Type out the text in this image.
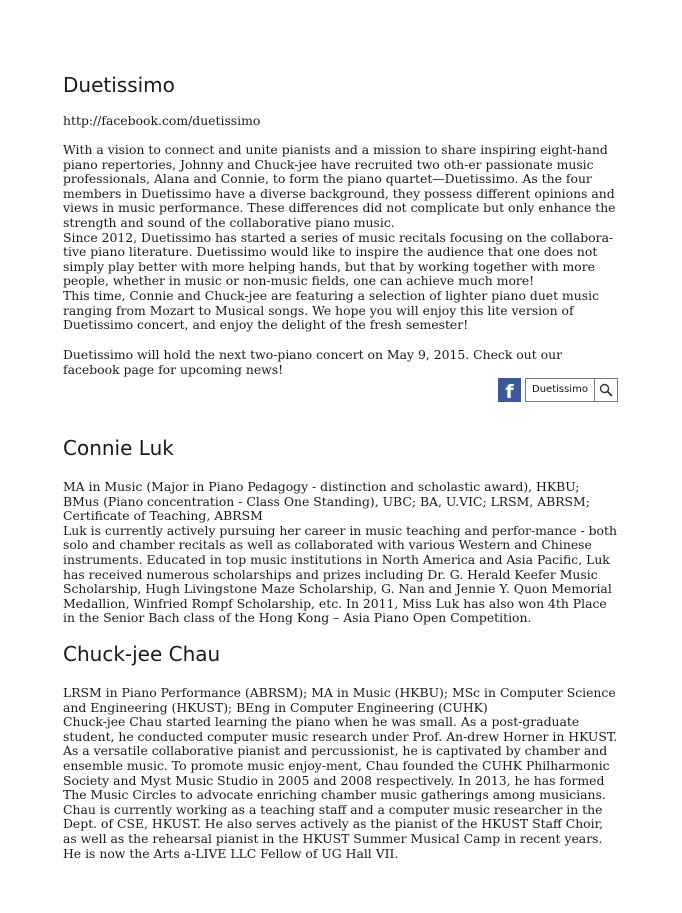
Duetissimo
http://facebook.com/duetissimo

With a vision to connect and unite pianists and a mission to share inspiring eight-hand piano repertories, Johnny and Chuck-jee have recruited two oth-er passionate music professionals, Alana and Connie, to form the piano quartet—Duetissimo. As the four members in Duetissimo have a diverse background, they possess different opinions and views in music performance. These differences did not complicate but only enhance the strength and sound of the collaborative piano music.

Since 2012, Duetissimo has started a series of music recitals focusing on the collabora-tive piano literature. Duetissimo would like to inspire the audience that one does not simply play better with more helping hands, but that by working together with more people, whether in music or non-music fields, one can achieve much more!

This time, Connie and Chuck-jee are featuring a selection of lighter piano duet music ranging from Mozart to Musical songs. We hope you will enjoy this lite version of Duetissimo concert, and enjoy the delight of the fresh semester!

Duetissimo will hold the next two-piano concert on May 9, 2015. Check out our facebook page for upcoming news!

f	Duetissimo
Connie Luk

MA in Music (Major in Piano Pedagogy - distinction and scholastic award), HKBU; BMus (Piano concentration - Class One Standing), UBC; BA, U.VIC; LRSM, ABRSM; Certificate of Teaching, ABRSM

Luk is currently actively pursuing her career in music teaching and perfor-mance - both solo and chamber recitals as well as collaborated with various Western and Chinese instruments. Educated in top music institutions in North America and Asia Pacific, Luk has received numerous scholarships and prizes including Dr. G. Herald Keefer Music Scholarship, Hugh Livingstone Maze Scholarship, G. Nan and Jennie Y. Quon Memorial Medallion, Winfried Rompf Scholarship, etc. In 2011, Miss Luk has also won 4th Place in the Senior Bach class of the Hong Kong – Asia Piano Open Competition.

Chuck-jee Chau

LRSM in Piano Performance (ABRSM); MA in Music (HKBU); MSc in Computer Science and Engineering (HKUST); BEng in Computer Engineering (CUHK)

Chuck-jee Chau started learning the piano when he was small. As a post-graduate student, he conducted computer music research under Prof. An-drew Horner in HKUST. As a versatile collaborative pianist and percussionist, he is captivated by chamber and ensemble music. To promote music enjoy-ment, Chau founded the CUHK Philharmonic Society and Myst Music Studio in 2005 and 2008 respectively. In 2013, he has formed The Music Circles to advocate enriching chamber music gatherings among musicians. Chau is currently working as a teaching staff and a computer music researcher in the Dept. of CSE, HKUST. He also serves actively as the pianist of the HKUST Staff Choir, as well as the rehearsal pianist in the HKUST Summer Musical Camp in recent years. He is now the Arts a-LIVE LLC Fellow of UG Hall VII.
